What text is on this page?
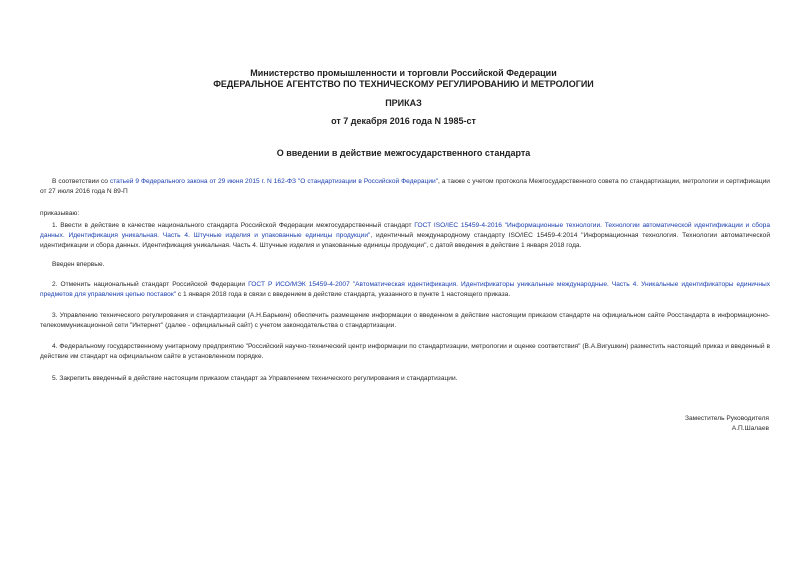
Министерство промышленности и торговли Российской Федерации
ФЕДЕРАЛЬНОЕ АГЕНТСТВО ПО ТЕХНИЧЕСКОМУ РЕГУЛИРОВАНИЮ И МЕТРОЛОГИИ
ПРИКАЗ
от 7 декабря 2016 года N 1985-ст
О введении в действие межгосударственного стандарта
В соответствии со статьей 9 Федерального закона от 29 июня 2015 г. N 162-ФЗ "О стандартизации в Российской Федерации", а также с учетом протокола Межгосударственного совета по стандартизации, метрологии и сертификации от 27 июля 2016 года N 89-П
приказываю:
1. Ввести в действие в качестве национального стандарта Российской Федерации межгосударственный стандарт ГОСТ ISO/IEC 15459-4-2016 "Информационные технологии. Технологии автоматической идентификации и сбора данных. Идентификация уникальная. Часть 4. Штучные изделия и упакованные единицы продукции", идентичный международному стандарту ISO/IEC 15459-4:2014 "Информационная технология. Технологии автоматической идентификации и сбора данных. Идентификация уникальная. Часть 4. Штучные изделия и упакованные единицы продукции", с датой введения в действие 1 января 2018 года.
Введен впервые.
2. Отменить национальный стандарт Российской Федерации ГОСТ Р ИСО/МЭК 15459-4-2007 "Автоматическая идентификация. Идентификаторы уникальные международные. Часть 4. Уникальные идентификаторы единичных предметов для управления цепью поставок" с 1 января 2018 года в связи с введением в действие стандарта, указанного в пункте 1 настоящего приказа.
3. Управлению технического регулирования и стандартизации (А.Н.Барыкин) обеспечить размещение информации о введенном в действие настоящим приказом стандарте на официальном сайте Росстандарта в информационно-телекоммуникационной сети "Интернет" (далее - официальный сайт) с учетом законодательства о стандартизации.
4. Федеральному государственному унитарному предприятию "Российский научно-технический центр информации по стандартизации, метрологии и оценке соответствия" (В.А.Вигушкин) разместить настоящий приказ и введенный в действие им стандарт на официальном сайте в установленном порядке.
5. Закрепить введенный в действие настоящим приказом стандарт за Управлением технического регулирования и стандартизации.
Заместитель Руководителя
А.П.Шалаев
